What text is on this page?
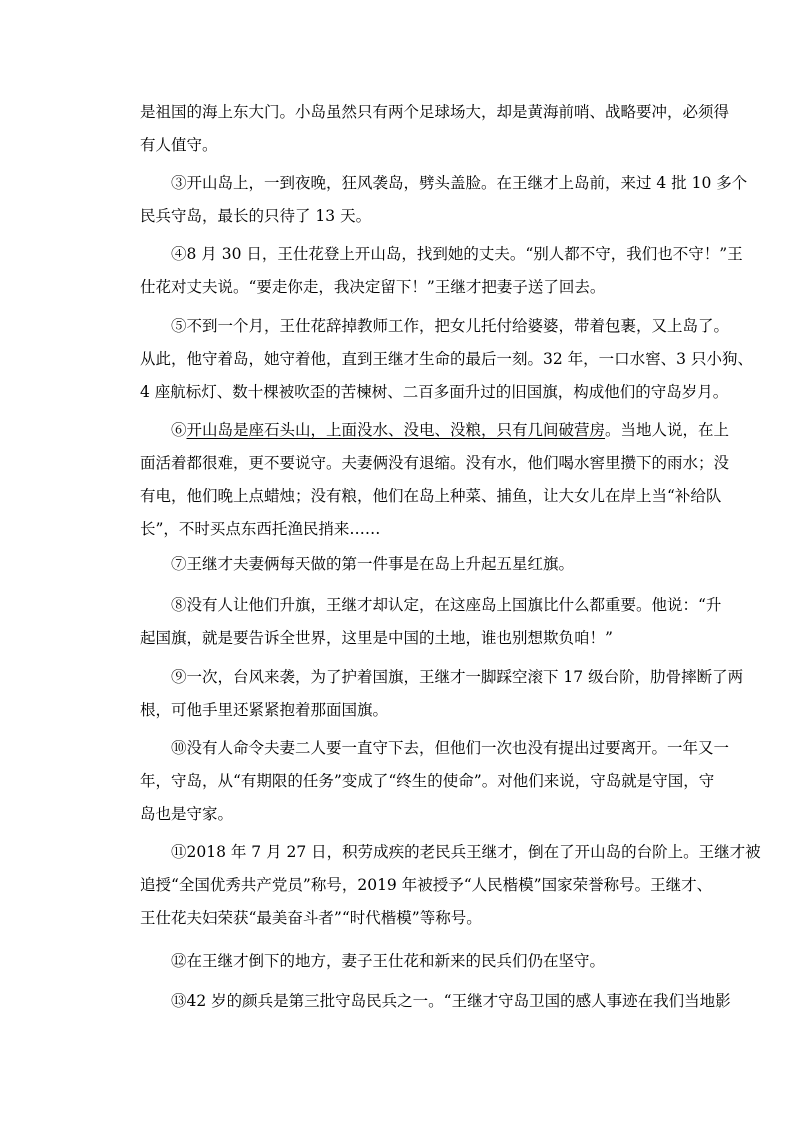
是祖国的海上东大门。小岛虽然只有两个足球场大，却是黄海前哨、战略要冲，必须得
有人值守。
　　③开山岛上，一到夜晚，狂风袭岛，劈头盖脸。在王继才上岛前，来过 4 批 10 多个
民兵守岛，最长的只待了 13 天。
　　④8 月 30 日，王仕花登上开山岛，找到她的丈夫。“别人都不守，我们也不守！”王
仕花对丈夫说。“要走你走，我决定留下！”王继才把妻子送了回去。
　　⑤不到一个月，王仕花辞掉教师工作，把女儿托付给婆婆，带着包裹，又上岛了。
从此，他守着岛，她守着他，直到王继才生命的最后一刻。32 年，一口水窖、3 只小狗、
4 座航标灯、数十棵被吹歪的苦楝树、二百多面升过的旧国旗，构成他们的守岛岁月。
　　⑥开山岛是座石头山，上面没水、没电、没粮，只有几间破营房。当地人说，在上
面活着都很难，更不要说守。夫妻俩没有退缩。没有水，他们喝水窖里攒下的雨水；没
有电，他们晚上点蜡烛；没有粮，他们在岛上种菜、捕鱼，让大女儿在岸上当“补给队
长”，不时买点东西托渔民捎来……
　　⑦王继才夫妻俩每天做的第一件事是在岛上升起五星红旗。
　　⑧没有人让他们升旗，王继才却认定，在这座岛上国旗比什么都重要。他说：“升
起国旗，就是要告诉全世界，这里是中国的土地，谁也别想欺负咱！”
　　⑨一次，台风来袭，为了护着国旗，王继才一脚踩空滚下 17 级台阶，肋骨摔断了两
根，可他手里还紧紧抱着那面国旗。
　　⑩没有人命令夫妻二人要一直守下去，但他们一次也没有提出过要离开。一年又一
年，守岛，从“有期限的任务”变成了“终生的使命”。对他们来说，守岛就是守国，守
岛也是守家。
　　⑪2018 年 7 月 27 日，积劳成疾的老民兵王继才，倒在了开山岛的台阶上。王继才被
追授“全国优秀共产党员”称号，2019 年被授予“人民楷模”国家荣誉称号。王继才、
王仕花夫妇荣获“最美奋斗者”“时代楷模”等称号。
　　⑫在王继才倒下的地方，妻子王仕花和新来的民兵们仍在坚守。
　　⑬42 岁的颜兵是第三批守岛民兵之一。“王继才守岛卫国的感人事迹在我们当地影
